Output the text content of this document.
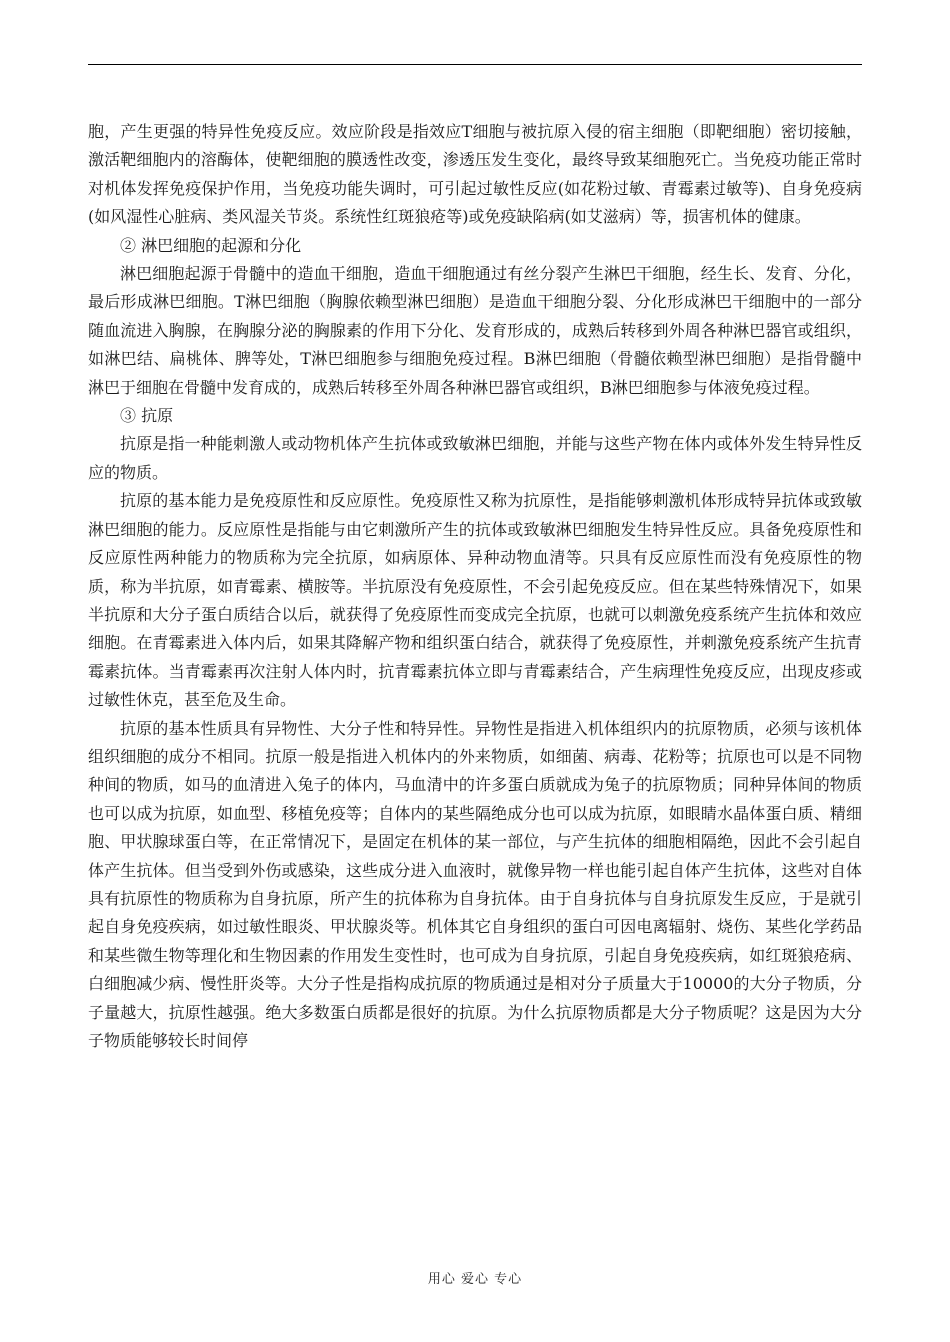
胞，产生更强的特异性免疫反应。效应阶段是指效应T细胞与被抗原入侵的宿主细胞（即靶细胞）密切接触，激活靶细胞内的溶酶体，使靶细胞的膜透性改变，渗透压发生变化，最终导致某细胞死亡。当免疫功能正常时对机体发挥免疫保护作用，当免疫功能失调时，可引起过敏性反应(如花粉过敏、青霉素过敏等)、自身免疫病(如风湿性心脏病、类风湿关节炎。系统性红斑狼疮等)或免疫缺陷病(如艾滋病）等，损害机体的健康。

② 淋巴细胞的起源和分化

淋巴细胞起源于骨髓中的造血干细胞，造血干细胞通过有丝分裂产生淋巴干细胞，经生长、发育、分化，最后形成淋巴细胞。T淋巴细胞（胸腺依赖型淋巴细胞）是造血干细胞分裂、分化形成淋巴干细胞中的一部分随血流进入胸腺，在胸腺分泌的胸腺素的作用下分化、发育形成的，成熟后转移到外周各种淋巴器官或组织，如淋巴结、扁桃体、脾等处，T淋巴细胞参与细胞免疫过程。B淋巴细胞（骨髓依赖型淋巴细胞）是指骨髓中淋巴于细胞在骨髓中发育成的，成熟后转移至外周各种淋巴器官或组织，B淋巴细胞参与体液免疫过程。

③ 抗原

抗原是指一种能刺激人或动物机体产生抗体或致敏淋巴细胞，并能与这些产物在体内或体外发生特异性反应的物质。

抗原的基本能力是免疫原性和反应原性。免疫原性又称为抗原性，是指能够刺激机体形成特异抗体或致敏淋巴细胞的能力。反应原性是指能与由它刺激所产生的抗体或致敏淋巴细胞发生特异性反应。具备免疫原性和反应原性两种能力的物质称为完全抗原，如病原体、异种动物血清等。只具有反应原性而没有免疫原性的物质，称为半抗原，如青霉素、横胺等。半抗原没有免疫原性，不会引起免疫反应。但在某些特殊情况下，如果半抗原和大分子蛋白质结合以后，就获得了免疫原性而变成完全抗原，也就可以刺激免疫系统产生抗体和效应细胞。在青霉素进入体内后，如果其降解产物和组织蛋白结合，就获得了免疫原性，并刺激免疫系统产生抗青霉素抗体。当青霉素再次注射人体内时，抗青霉素抗体立即与青霉素结合，产生病理性免疫反应，出现皮疹或过敏性休克，甚至危及生命。

抗原的基本性质具有异物性、大分子性和特异性。异物性是指进入机体组织内的抗原物质，必须与该机体组织细胞的成分不相同。抗原一般是指进入机体内的外来物质，如细菌、病毒、花粉等；抗原也可以是不同物种间的物质，如马的血清进入兔子的体内，马血清中的许多蛋白质就成为兔子的抗原物质；同种异体间的物质也可以成为抗原，如血型、移植免疫等；自体内的某些隔绝成分也可以成为抗原，如眼睛水晶体蛋白质、精细胞、甲状腺球蛋白等，在正常情况下，是固定在机体的某一部位，与产生抗体的细胞相隔绝，因此不会引起自体产生抗体。但当受到外伤或感染，这些成分进入血液时，就像异物一样也能引起自体产生抗体，这些对自体具有抗原性的物质称为自身抗原，所产生的抗体称为自身抗体。由于自身抗体与自身抗原发生反应，于是就引起自身免疫疾病，如过敏性眼炎、甲状腺炎等。机体其它自身组织的蛋白可因电离辐射、烧伤、某些化学药品和某些微生物等理化和生物因素的作用发生变性时，也可成为自身抗原，引起自身免疫疾病，如红斑狼疮病、白细胞减少病、慢性肝炎等。大分子性是指构成抗原的物质通过是相对分子质量大于10000的大分子物质，分子量越大，抗原性越强。绝大多数蛋白质都是很好的抗原。为什么抗原物质都是大分子物质呢？这是因为大分子物质能够较长时间停

用心 爱心 专心
